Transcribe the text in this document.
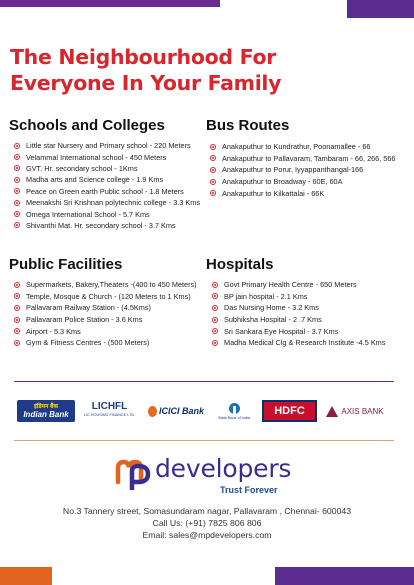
The Neighbourhood For
Everyone In Your Family
Schools and Colleges
Little star Nursery and Primary school - 220 Meters
Velammal International school - 450 Meters
GVT. Hr. secondary school - 1Kms
Madha arts and Science college - 1.9 Kms
Peace on Green earth Public school - 1.8 Meters
Meenakshi Sri Krishnan polytechnic college - 3.3 Kms
Omega International School - 5.7 Kms
Shivanthi Mat. Hr. secondary school - 3.7 Kms
Bus Routes
Anakaputhur to Kundrathur, Poonamallee - 66
Anakaputhur to Pallavaram, Tambaram - 66, 266, 566
Anakaputhur to Porur, Iyyappanthangal-166
Anakaputhur to Broadway - 60E, 60A
Anakaputhur to Kilkattalai - 66K
Public Facilities
Supermarkets, Bakery,Theaters -(400 to 450 Meters)
Temple, Mosque & Church - (120 Meters to 1 Kms)
Pallavaram Railway Station - (4.5Kms)
Pallavaram Police Station - 3.6 Kms
Airport - 5.3 Kms
Gym & Fitness Centres - (500 Meters)
Hospitals
Govt Primary Health Centre - 650 Meters
BP jain hospital - 2.1 Kms
Das Nursing Home - 3.2 Kms
Subhiksha Hospital - 2 .7 Kms
Sri Sankara Eye Hospital - 3.7 Kms
Madha Medical Clg & Research Institute -4.5 Kms
इंडियन बैंक
Indian Bank
LICHFL
LIC HOUSING FINANCE LTD.	ICICI Bank
State Bank of India
HDFC	AXIS BANK
developers
Trust Forever
No.3 Tannery street, Somasundaram nagar, Pallavaram , Chennai- 600043
Call Us: (+91) 7825 806 806
Email: sales@mpdevelopers.com
